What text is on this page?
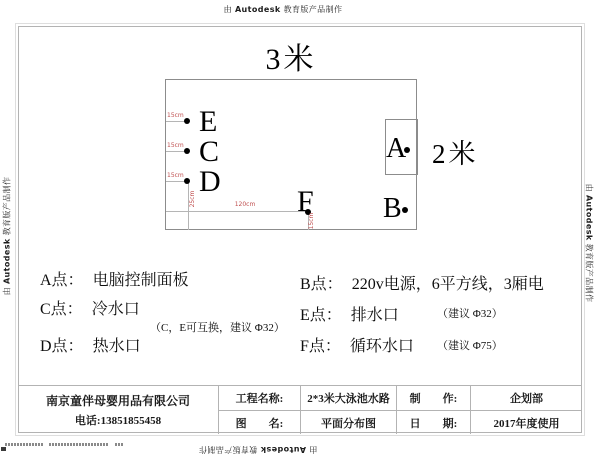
由 Autodesk 教育版产品制作
由 Autodesk 教育版产品制作	由 Autodesk 教育版产品制作
由 Autodesk 教育版产品制作
3米
2米
E
C
D
F
A
B
15cm
15cm
15cm
25cm	120cm
15cm
A点： 电脑控制面板
C点： 冷水口
（C，E可互换，建议 Φ32）
D点： 热水口
B点： 220v电源，6平方线，3厢电
E点： 排水口	（建议 Φ32）
F点： 循环水口 （建议 Φ75）
南京童伴母婴用品有限公司
电话:13851855458
工程名称:	2*3米大泳池水路	制　　作:	企划部
图　　名:	平面分布图	日　　期:	2017年度使用
